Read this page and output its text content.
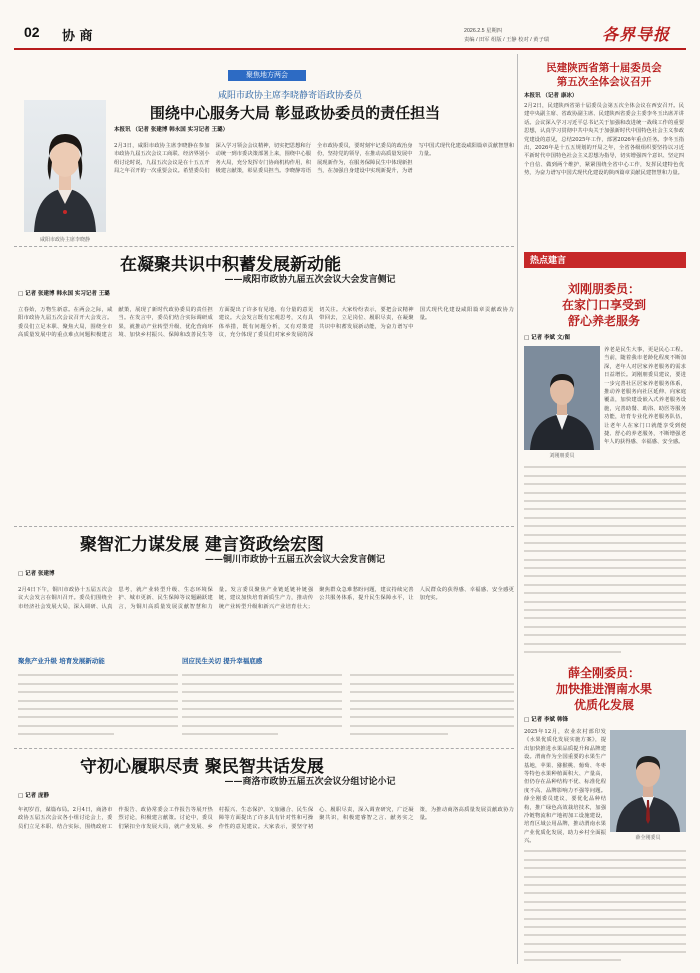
02 协 商	2026.2.5 星期四
责编 / 田军 组版 / 王静 校对 / 黄子瑞	各界导报
聚焦地方两会
咸阳市政协主席李晓静寄语政协委员
围绕中心服务大局 彰显政协委员的责任担当
咸阳市政协主席李晓静
本报讯 （记者 张建博 韩永国 实习记者 王璐）
2月3日，咸阳市政协主席李晓静在参加市政协九届五次会议工商联、经济界别小组讨论时说，九届五次会议是在十五五开局之年召开的一次重要会议。希望委员们深入学习领会会议精神，切实把思想和行动统一到市委决策部署上来，围绕中心服务大局，充分发挥专门协商机构作用，积极建言献策，彰显委员担当。李晓静寄语全市政协委员，要时刻牢记委员的政治身份，坚持党的领导，在推动高质量发展中展现新作为，在服务保障民生中体现新担当，在加强自身建设中实现新提升，为谱写中国式现代化建设咸阳篇章贡献智慧和力量。
在凝聚共识中积蓄发展新动能
——咸阳市政协九届五次会议大会发言侧记
□ 记者 张建博 韩永国 实习记者 王璐
立春始，万物生新意。在两会之际，咸阳市政协九届五次会议召开大会发言。委员们立足本职、聚焦大局，围绕全市高质量发展中的重点难点问题积极建言献策，展现了新时代政协委员的责任担当。在发言中，委员们结合实际调研成果，就推动产业转型升级、优化营商环境、加快乡村振兴、保障和改善民生等方面提出了许多有见地、有分量的意见建议。大会发言既有宏观思考，又有具体举措，既有问题分析，又有对策建议，充分体现了委员们对家乡发展的深切关注。大家纷纷表示，要把会议精神带回去，立足岗位、履职尽责，在凝聚共识中积蓄发展新动能，为奋力谱写中国式现代化建设咸阳篇章贡献政协力量。
聚智汇力谋发展 建言资政绘宏图
——铜川市政协十五届五次会议大会发言侧记
□ 记者 张建博
聚焦产业升级 培育发展新动能	回应民生关切 提升幸福底感
2月4日下午，铜川市政协十五届五次会议大会发言在铜川召开。委员们围绕全市经济社会发展大局，深入调研、认真思考，就产业转型升级、生态环境保护、城市更新、民生保障等议题踊跃建言，为铜川高质量发展贡献智慧和力量。发言委员聚焦产业链延链补链强链，建议加快培育新质生产力，推动传统产业转型升级和新兴产业培育壮大；聚焦群众急难愁盼问题，建议持续完善公共服务体系，提升民生保障水平，让人民群众的获得感、幸福感、安全感更加充实。
守初心履职尽责 聚民智共话发展
——商洛市政协五届五次会议分组讨论小记
□ 记者 庞静
年初岁首，谋篇布局。2月4日，商洛市政协五届五次会议各小组讨论会上，委员们立足本职、结合实际，围绕政府工作报告、政协常委会工作报告等展开热烈讨论，积极建言献策。讨论中，委员们紧扣全市发展大局，就产业发展、乡村振兴、生态保护、文旅融合、民生保障等方面提出了许多具有针对性和可操作性的意见建议。大家表示，要坚守初心、履职尽责，深入调查研究，广泛凝聚共识，积极建睿智之言、献务实之策，为推动商洛高质量发展贡献政协力量。
民建陕西省第十届委员会
第五次全体会议召开
本报讯 （记者 康冰）
2月2日，民建陕西省第十届委员会第五次全体会议在西安召开。民建中央副主席、省政协副主席、民建陕西省委会主委李冬玉出席并讲话。会议深入学习习近平总书记关于加强和改进统一战线工作的重要思想，认真学习贯彻中共中央关于加强新时代中国特色社会主义参政党建设的意见，总结2025年工作，部署2026年重点任务。李冬玉指出，2026年是十五五规划的开局之年，全省各级组织要坚持以习近平新时代中国特色社会主义思想为指导，切实增强四个意识、坚定四个自信、做到两个维护，紧紧围绕全省中心工作，发挥民建特色优势，为奋力谱写中国式现代化建设的陕西篇章贡献民建智慧和力量。
热点建言
刘刚朋委员：
在家门口享受到
舒心养老服务
□ 记者 李斌 文/图
刘刚朋委员
养老是民生大事，更是民心工程。当前，随着我市老龄化程度不断加深，老年人对居家养老服务的需求日益增长。刘刚朋委员建议，要进一步完善社区居家养老服务体系，推动养老服务向社区延伸、向家庭覆盖，加快建设嵌入式养老服务设施，完善助餐、助浴、助医等服务功能，培育专业化养老服务队伍，让老年人在家门口就能享受到便捷、舒心的养老服务，不断增强老年人的获得感、幸福感、安全感。
薛全刚委员：
加快推进渭南水果
优质化发展
□ 记者 李斌 韩锋
2025年12月，农业农村部印发《水果优质化发展实施方案》，提出加快推进水果品质提升和品牌建设。渭南作为全国重要的水果生产基地，苹果、猕猴桃、葡萄、冬枣等特色水果种植面积大、产量高，但仍存在品种结构不优、标准化程度不高、品牌影响力不强等问题。薛全刚委员建议，要优化品种结构，推广绿色高效栽培技术，加强冷链物流和产地初加工设施建设，培育区域公用品牌，推动渭南水果产业优质化发展，助力乡村全面振兴。
薛全刚委员
